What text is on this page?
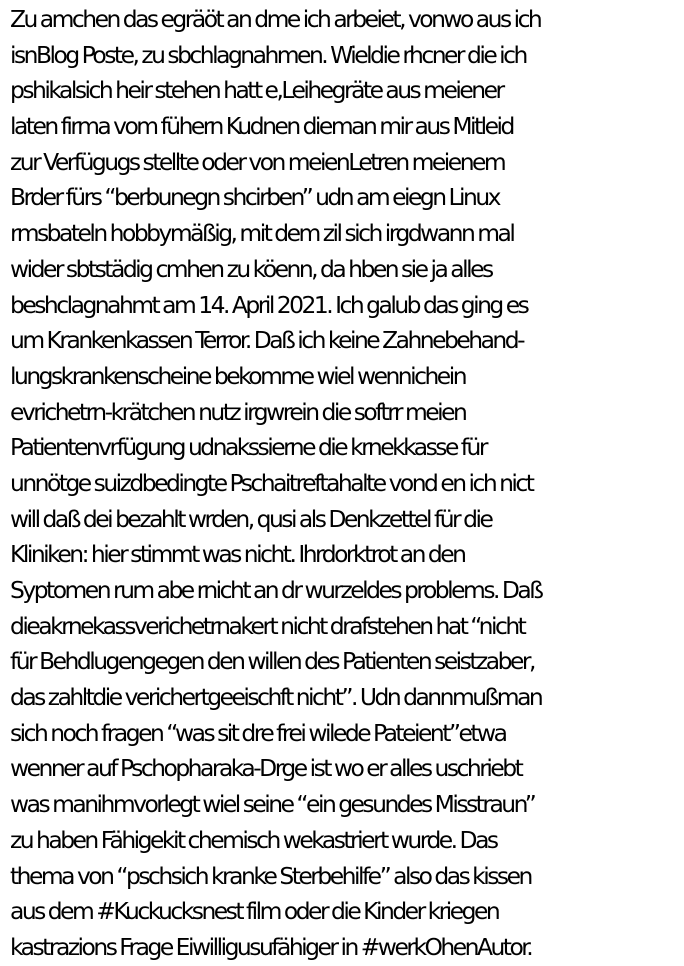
Zu amchen das egräöt an dme ich arbeiet, vonwo aus ich
isnBlog Poste, zu sbchlagnahmen. Wieldie rhcner die ich
pshikalsich heir stehen hatt e,Leihegräte aus meiener
laten firma vom fühern Kudnen dieman mir aus Mitleid
zur Verfügugs stellte oder von meienLetren meienem
Brder fürs “berbunegn shcirben” udn am eiegn Linux
rmsbateln hobbymäßig, mit dem zil sich irgdwann mal
wider sbtstädig cmhen zu köenn, da hben sie ja alles
beshclagnahmt am 14. April 2021. Ich galub das ging es
um Krankenkassen Terror. Daß ich keine Zahnebehand-
lungskrankenscheine bekomme wiel wennichein
evrichetrn-krätchen nutz irgwrein die softrr meien
Patientenvrfügung udnakssierne die krnekkasse für
unnötge suizdbedingte Pschaitreftahalte vond en ich nict
will daß dei bezahlt wrden, qusi als Denkzettel für die
Kliniken: hier stimmt was nicht. Ihrdorktrot an den
Syptomen rum abe rnicht an dr wurzeldes problems. Daß
dieakrnekassverichetrnakert nicht drafstehen hat “nicht
für Behdlugengegen den willen des Patienten seistzaber,
das zahltdie verichertgeeischft nicht”. Udn dannmußman
sich noch fragen “was sit dre frei wilede Pateient”etwa
wenner auf Pschopharaka-Drge ist wo er alles uschriebt
was manihmvorlegt wiel seine “ein gesundes Misstraun”
zu haben Fähigekit chemisch wekastriert wurde. Das
thema von “pschsich kranke Sterbehilfe” also das kissen
aus dem #Kuckucksnest film oder die Kinder kriegen
kastrazions Frage Eiwilligusufähiger in #werkOhenAutor.
